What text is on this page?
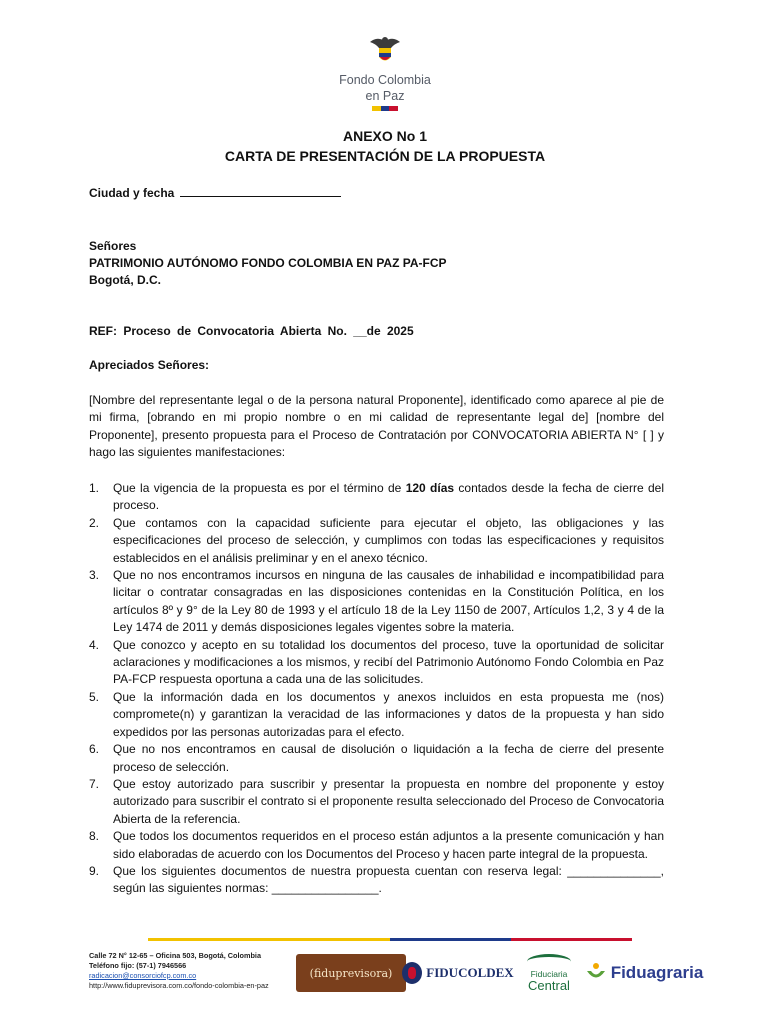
Fondo Colombia
en Paz
ANEXO No 1
CARTA DE PRESENTACIÓN DE LA PROPUESTA
Ciudad y fecha
Señores
PATRIMONIO AUTÓNOMO FONDO COLOMBIA EN PAZ PA-FCP
Bogotá, D.C.
REF: Proceso de Convocatoria Abierta No. __de 2025
Apreciados Señores:
[Nombre del representante legal o de la persona natural Proponente], identificado como aparece al pie de mi firma, [obrando en mi propio nombre o en mi calidad de representante legal de] [nombre del Proponente], presento propuesta para el Proceso de Contratación por CONVOCATORIA ABIERTA N° [ ] y hago las siguientes manifestaciones:
1. Que la vigencia de la propuesta es por el término de 120 días contados desde la fecha de cierre del proceso.
2. Que contamos con la capacidad suficiente para ejecutar el objeto, las obligaciones y las especificaciones del proceso de selección, y cumplimos con todas las especificaciones y requisitos establecidos en el análisis preliminar y en el anexo técnico.
3. Que no nos encontramos incursos en ninguna de las causales de inhabilidad e incompatibilidad para licitar o contratar consagradas en las disposiciones contenidas en la Constitución Política, en los artículos 8º y 9° de la Ley 80 de 1993 y el artículo 18 de la Ley 1150 de 2007, Artículos 1,2, 3 y 4 de la Ley 1474 de 2011 y demás disposiciones legales vigentes sobre la materia.
4. Que conozco y acepto en su totalidad los documentos del proceso, tuve la oportunidad de solicitar aclaraciones y modificaciones a los mismos, y recibí del Patrimonio Autónomo Fondo Colombia en Paz PA-FCP respuesta oportuna a cada una de las solicitudes.
5. Que la información dada en los documentos y anexos incluidos en esta propuesta me (nos) compromete(n) y garantizan la veracidad de las informaciones y datos de la propuesta y han sido expedidos por las personas autorizadas para el efecto.
6. Que no nos encontramos en causal de disolución o liquidación a la fecha de cierre del presente proceso de selección.
7. Que estoy autorizado para suscribir y presentar la propuesta en nombre del proponente y estoy autorizado para suscribir el contrato si el proponente resulta seleccionado del Proceso de Convocatoria Abierta de la referencia.
8. Que todos los documentos requeridos en el proceso están adjuntos a la presente comunicación y han sido elaboradas de acuerdo con los Documentos del Proceso y hacen parte integral de la propuesta.
9. Que los siguientes documentos de nuestra propuesta cuentan con reserva legal: ______________, según las siguientes normas: ________________.
Calle 72 N° 12-65 – Oficina 503, Bogotá, Colombia
Teléfono fijo: (57-1) 7946566
radicacion@consorciofcp.com.co
http://www.fiduprevisora.com.co/fondo-colombia-en-paz
(fiduprevisora)	FIDUCOLDEX Fiduciaria
Central
Fiduagraria
